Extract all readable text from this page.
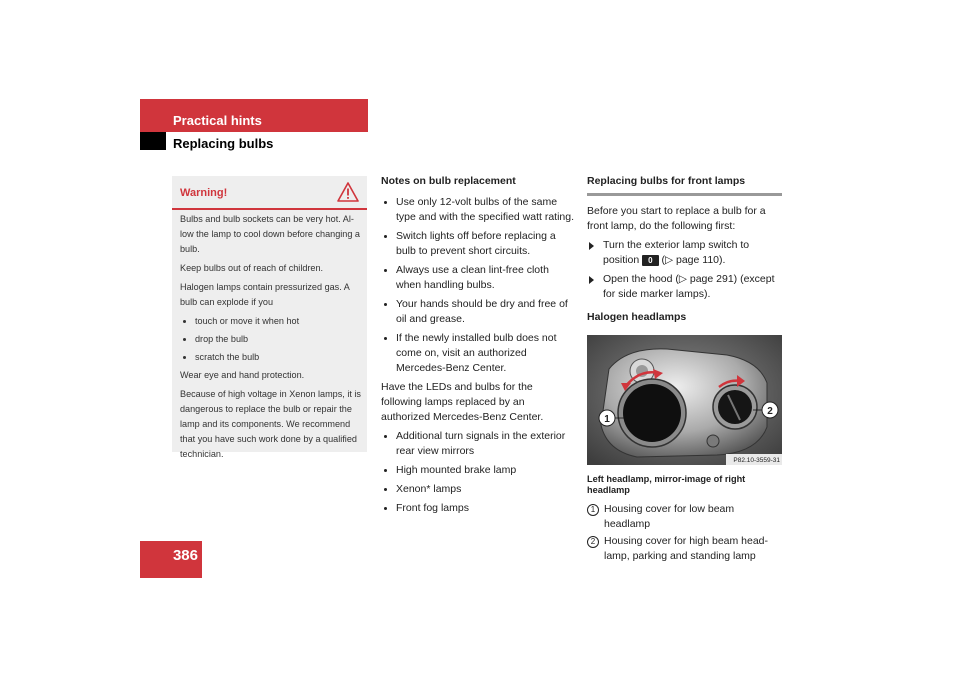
Practical hints
Replacing bulbs
Warning!

Bulbs and bulb sockets can be very hot. Al-low the lamp to cool down before changing a bulb.

Keep bulbs out of reach of children.

Halogen lamps contain pressurized gas. A bulb can explode if you

touch or move it when hot
drop the bulb
scratch the bulb

Wear eye and hand protection.

Because of high voltage in Xenon lamps, it is dangerous to replace the bulb or repair the lamp and its components. We recommend that you have such work done by a qualified technician.

Notes on bulb replacement
Use only 12-volt bulbs of the same type and with the specified watt rating.
Switch lights off before replacing a bulb to prevent short circuits.
Always use a clean lint-free cloth when handling bulbs.
Your hands should be dry and free of oil and grease.
If the newly installed bulb does not come on, visit an authorized Mercedes-Benz Center.

Have the LEDs and bulbs for the following lamps replaced by an authorized Mercedes-Benz Center.

Additional turn signals in the exterior rear view mirrors
High mounted brake lamp
Xenon* lamps
Front fog lamps
Replacing bulbs for front lamps

Before you start to replace a bulb for a front lamp, do the following first:

Turn the exterior lamp switch to position 0 (▷ page 110).
Open the hood (▷ page 291) (except for side marker lamps).
Halogen headlamps
1
2
P82.10-3559-31

Left headlamp, mirror-image of right headlamp

1 Housing cover for low beam headlamp
2 Housing cover for high beam head-lamp, parking and standing lamp
386
